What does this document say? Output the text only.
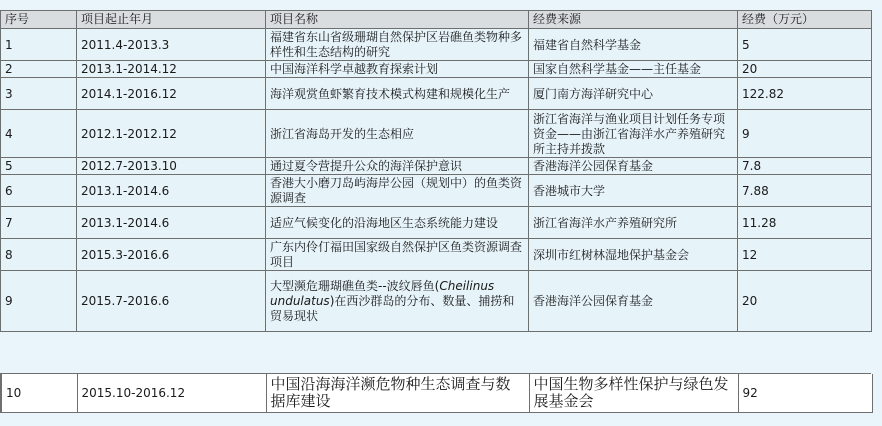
序号	项目起止年月	项目名称	经费来源	经费（万元）
1	2011.4-2013.3	福建省东山省级珊瑚自然保护区岩礁鱼类物种多样性和生态结构的研究	福建省自然科学基金	5
2	2013.1-2014.12	中国海洋科学卓越教育探索计划	国家自然科学基金——主任基金	20
3	2014.1-2016.12	海洋观赏鱼虾繁育技术模式构建和规模化生产	厦门南方海洋研究中心	122.82
4	2012.1-2012.12	浙江省海岛开发的生态相应	浙江省海洋与渔业项目计划任务专项资金——由浙江省海洋水产养殖研究所主持并拨款	9
5	2012.7-2013.10	通过夏令营提升公众的海洋保护意识	香港海洋公园保育基金	7.8
6	2013.1-2014.6	香港大小磨刀岛屿海岸公园（规划中）的鱼类资源调查	香港城市大学	7.88
7	2013.1-2014.6	适应气候变化的沿海地区生态系统能力建设	浙江省海洋水产养殖研究所	11.28
8	2015.3-2016.6	广东内伶仃福田国家级自然保护区鱼类资源调查项目	深圳市红树林湿地保护基金会	12
9	2015.7-2016.6	大型濒危珊瑚礁鱼类--波纹唇鱼(Cheilinus undulatus)在西沙群岛的分布、数量、捕捞和贸易现状	香港海洋公园保育基金	20
10	2015.10-2016.12	中国沿海海洋濒危物种生态调查与数据库建设	中国生物多样性保护与绿色发展基金会	92
